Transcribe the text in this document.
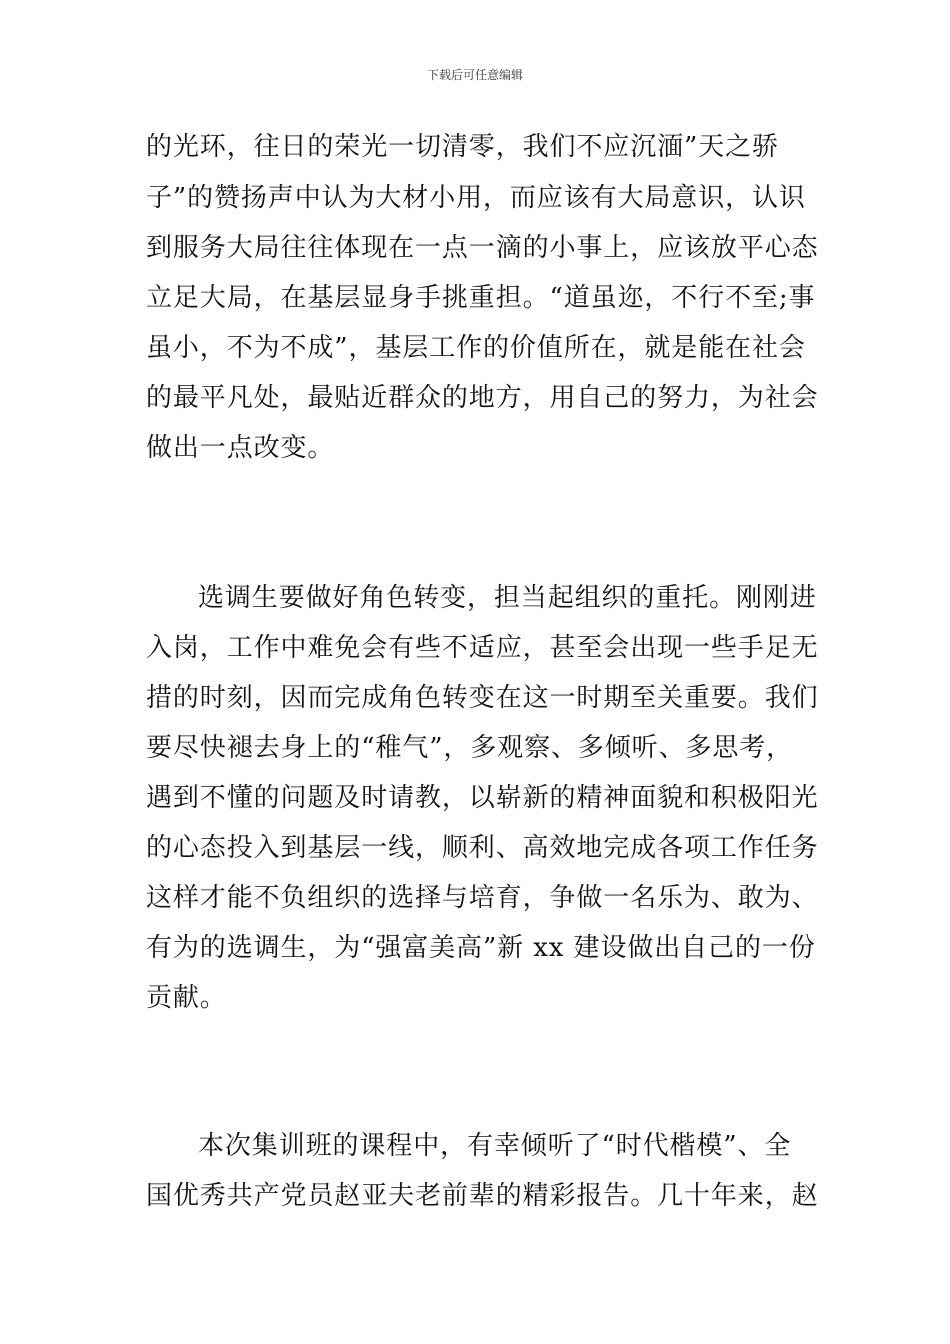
下载后可任意编辑
的光环，往日的荣光一切清零，我们不应沉湎”天之骄
子”的赞扬声中认为大材小用，而应该有大局意识，认识
到服务大局往往体现在一点一滴的小事上，应该放平心态
立足大局，在基层显身手挑重担。“道虽迩，不行不至;事
虽小，不为不成”，基层工作的价值所在，就是能在社会
的最平凡处，最贴近群众的地方，用自己的努力，为社会
做出一点改变。
选调生要做好角色转变，担当起组织的重托。刚刚进
入岗，工作中难免会有些不适应，甚至会出现一些手足无
措的时刻，因而完成角色转变在这一时期至关重要。我们
要尽快褪去身上的“稚气”，多观察、多倾听、多思考，
遇到不懂的问题及时请教，以崭新的精神面貌和积极阳光
的心态投入到基层一线，顺利、高效地完成各项工作任务
这样才能不负组织的选择与培育，争做一名乐为、敢为、
有为的选调生，为“强富美高”新 xx 建设做出自己的一份
贡献。
本次集训班的课程中，有幸倾听了“时代楷模”、全
国优秀共产党员赵亚夫老前辈的精彩报告。几十年来，赵
